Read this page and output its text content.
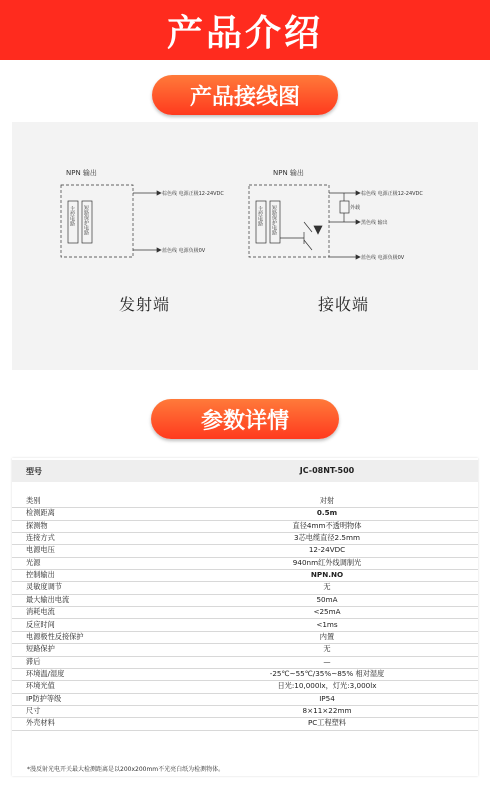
产品介绍
产品接线图
NPN 输出
主控电路 短路保护电路
棕色线 电源正极12-24VDC
蓝色线 电源负极0V
发射端
NPN 输出
主控电路 短路保护电路
棕色线 电源正极12-24VDC
外载
黑色线 输出
蓝色线 电源负极0V
接收端
参数详情
型号	JC-08NT-500
类别	对射
检测距离	0.5m
探测物	直径4mm不透明物体
连接方式	3芯电缆直径2.5mm
电源电压	12-24VDC
光源	940nm红外线调制光
控制输出	NPN.NO
灵敏度调节	无
最大输出电流	50mA
消耗电流	<25mA
反应时间	<1ms
电源极性反接保护	内置
短路保护	无
滞后	—
环境温/湿度	-25℃~55℃/35%~85% 相对湿度
环境光值	日光:10,000lx，灯光:3,000lx
IP防护等级	IP54
尺寸	8×11×22mm
外壳材料	PC工程塑料
*漫反射光电开关最大检测距离是以200x200mm不光亮白纸为检测物体。
